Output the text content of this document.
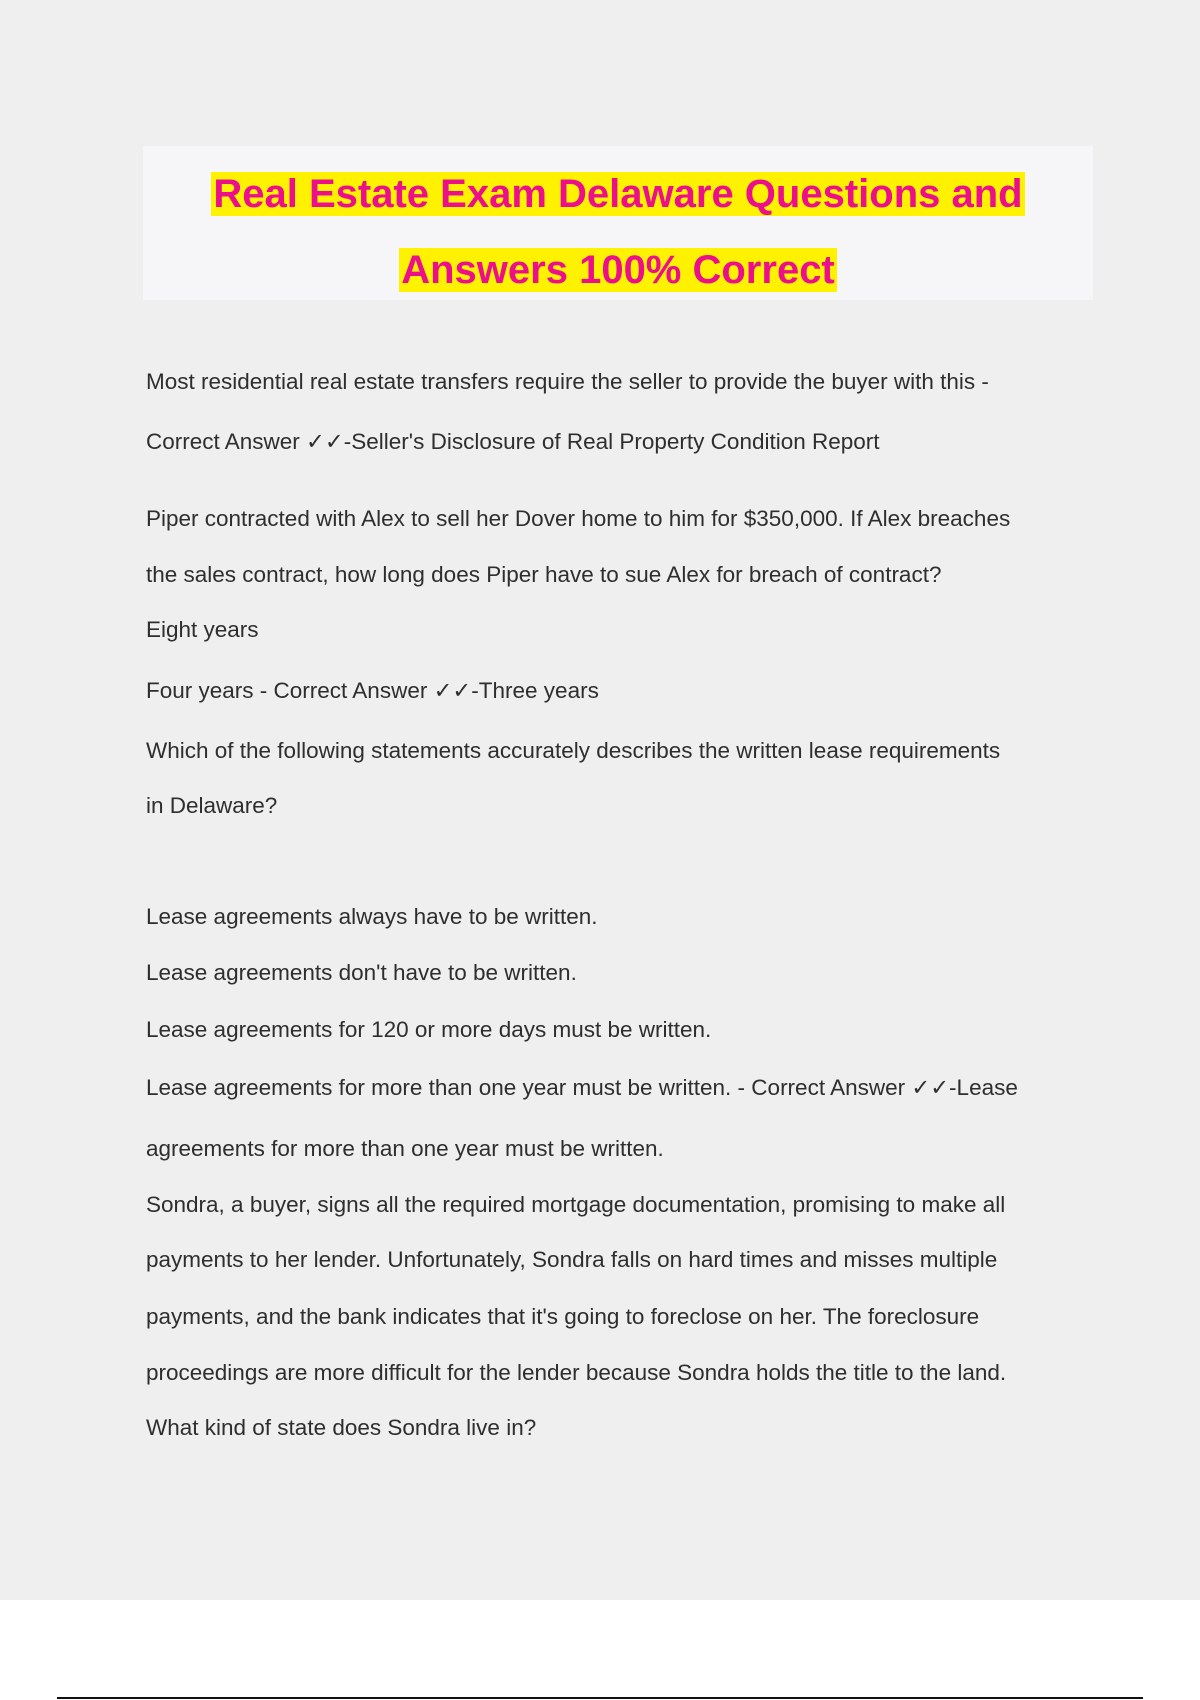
Real Estate Exam Delaware Questions and
Answers 100% Correct
Most residential real estate transfers require the seller to provide the buyer with this -
Correct Answer ✓✓-Seller's Disclosure of Real Property Condition Report
Piper contracted with Alex to sell her Dover home to him for $350,000. If Alex breaches
the sales contract, how long does Piper have to sue Alex for breach of contract?
Eight years
Four years - Correct Answer ✓✓-Three years
Which of the following statements accurately describes the written lease requirements
in Delaware?
Lease agreements always have to be written.
Lease agreements don't have to be written.
Lease agreements for 120 or more days must be written.
Lease agreements for more than one year must be written. - Correct Answer ✓✓-Lease
agreements for more than one year must be written.
Sondra, a buyer, signs all the required mortgage documentation, promising to make all
payments to her lender. Unfortunately, Sondra falls on hard times and misses multiple
payments, and the bank indicates that it's going to foreclose on her. The foreclosure
proceedings are more difficult for the lender because Sondra holds the title to the land.
What kind of state does Sondra live in?
